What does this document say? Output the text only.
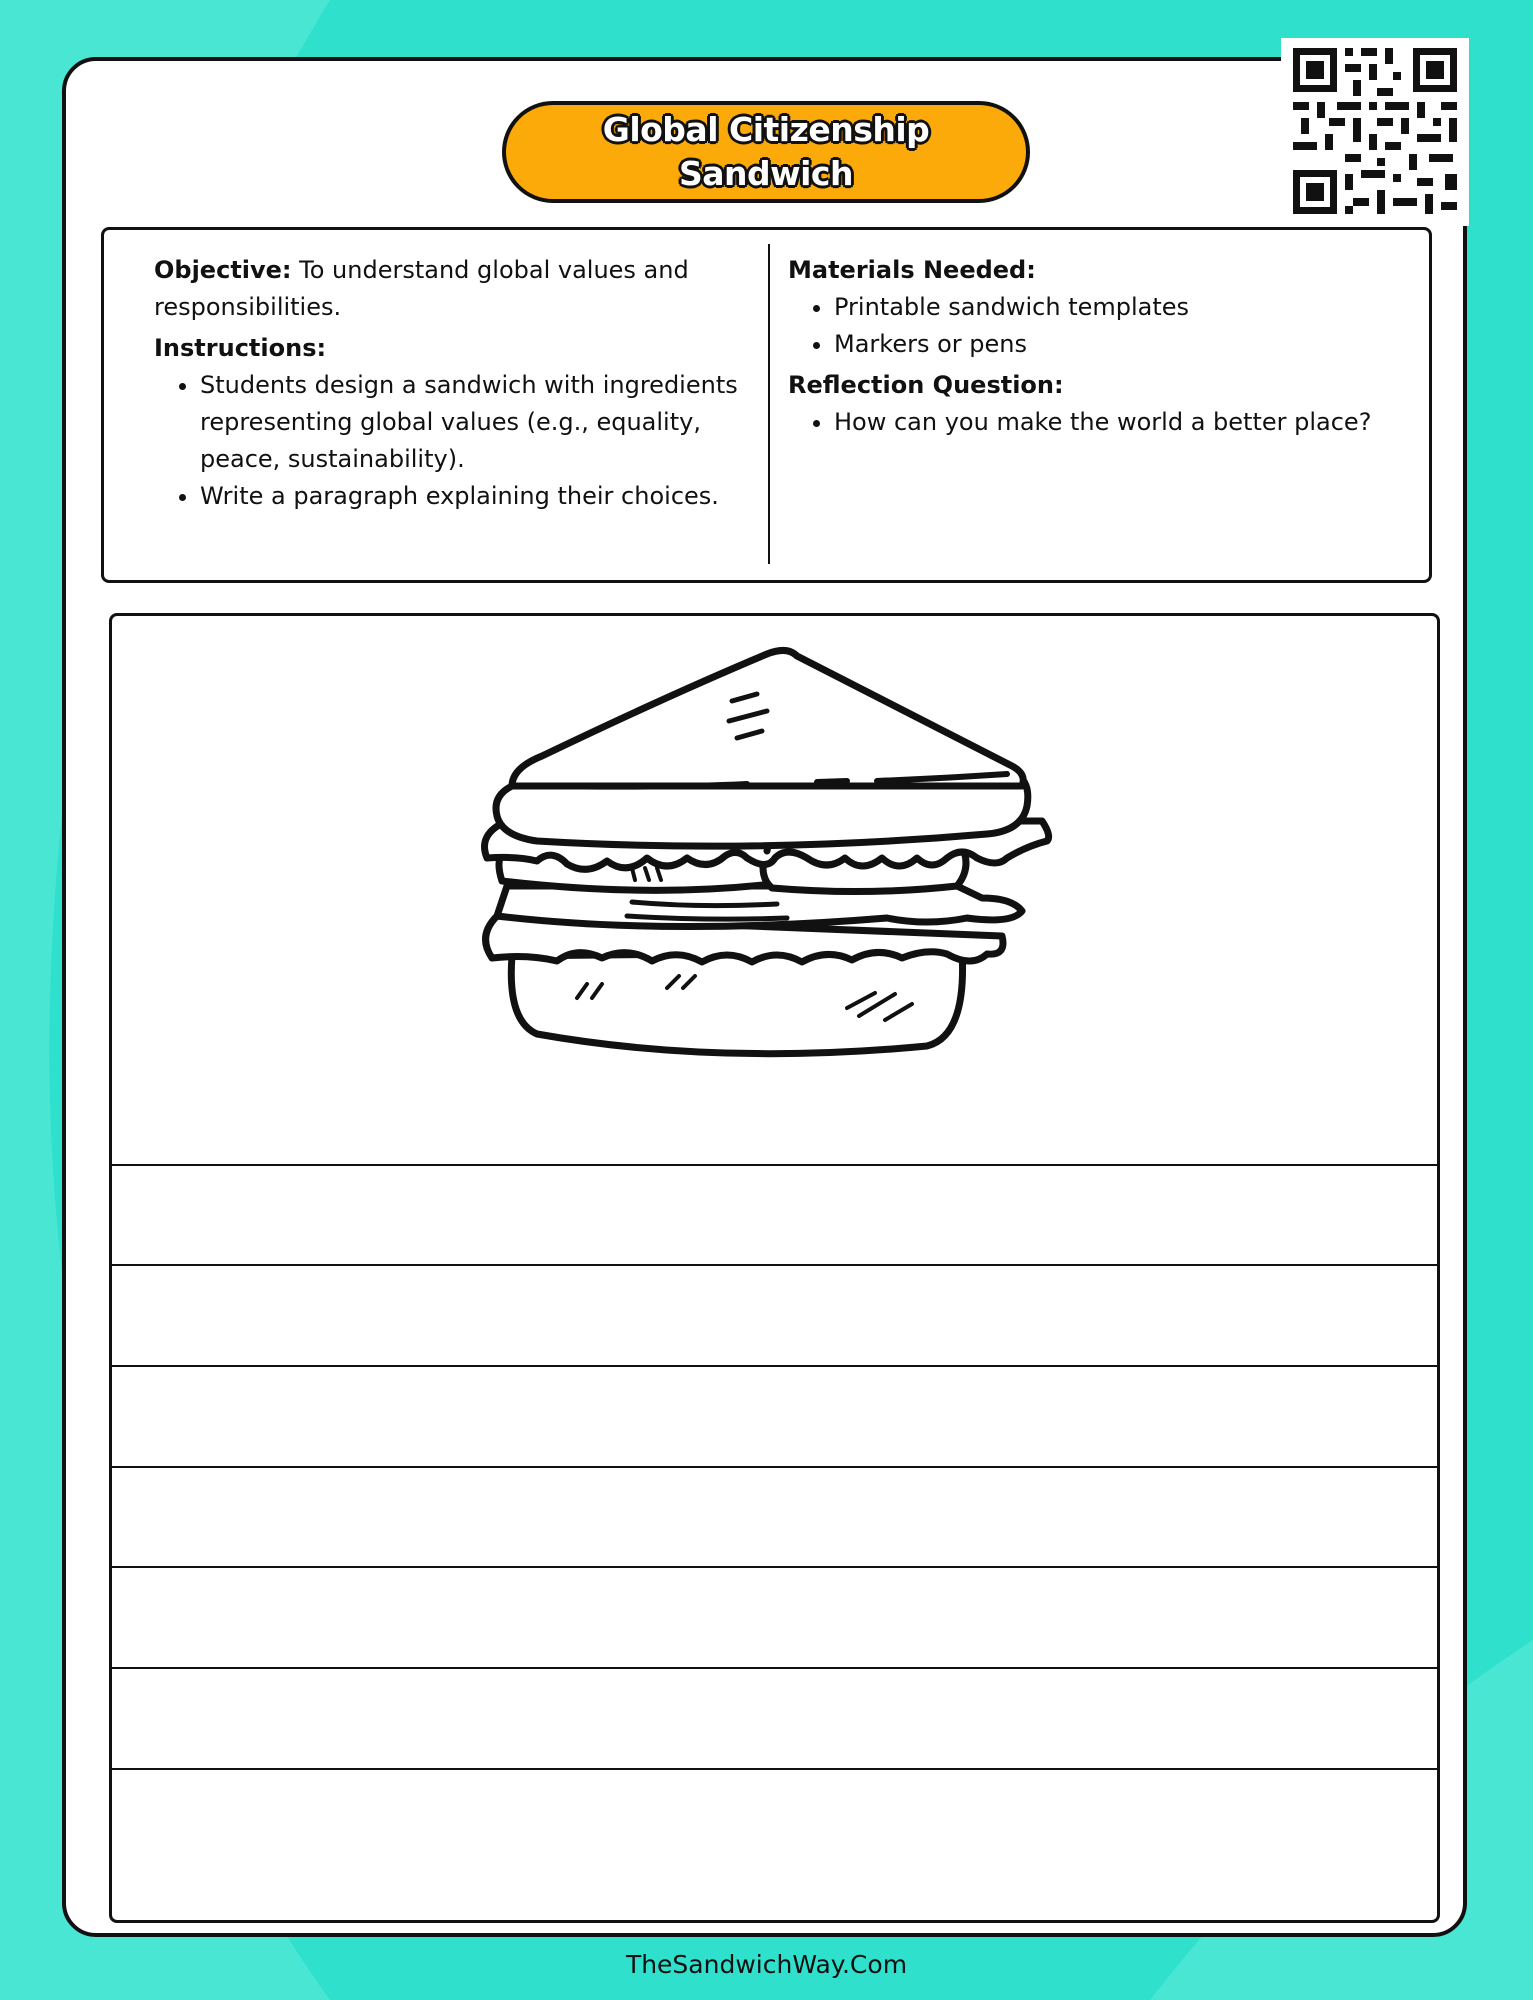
Global Citizenship
Sandwich

Objective: To understand global values and responsibilities.

Instructions:

• Students design a sandwich with ingredients representing global values (e.g., equality, peace, sustainability).
• Write a paragraph explaining their choices.

Materials Needed:

• Printable sandwich templates
• Markers or pens

Reflection Question:

• How can you make the world a better place?
TheSandwichWay.Com
